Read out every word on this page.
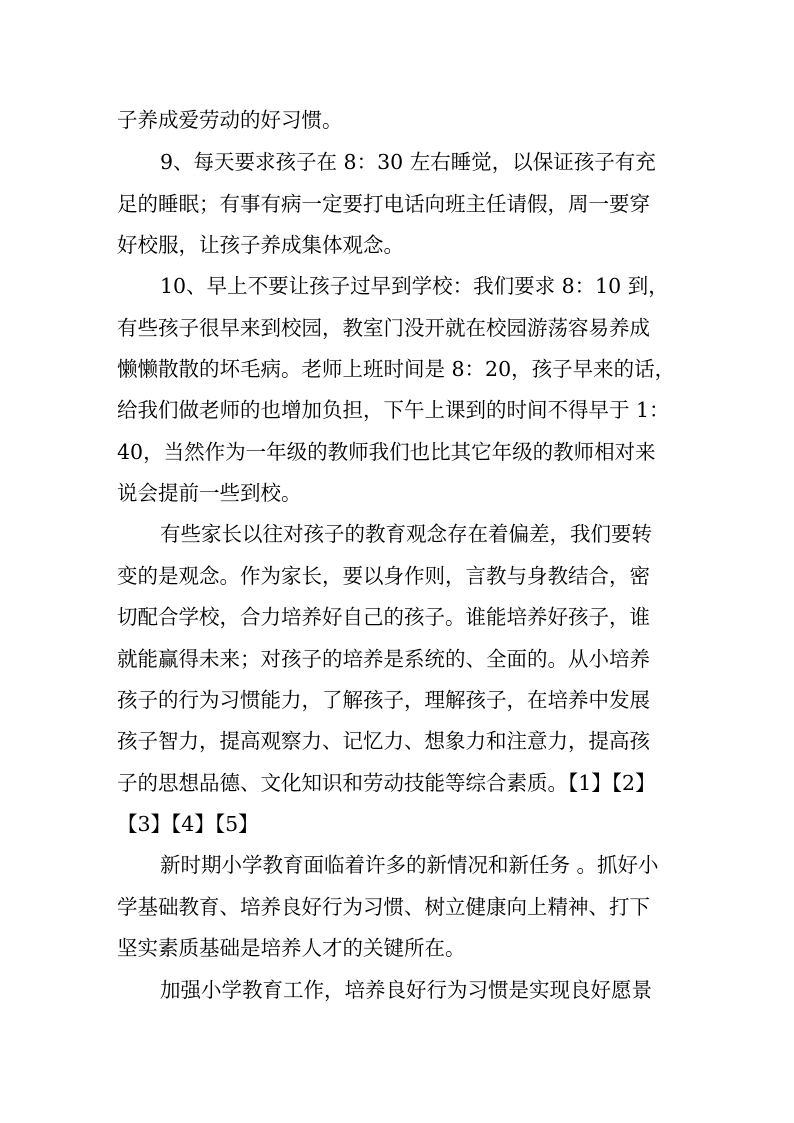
子养成爱劳动的好习惯。
9、每天要求孩子在 8：30 左右睡觉，以保证孩子有充
足的睡眠；有事有病一定要打电话向班主任请假，周一要穿
好校服，让孩子养成集体观念。
10、早上不要让孩子过早到学校：我们要求 8：10 到，
有些孩子很早来到校园，教室门没开就在校园游荡容易养成
懒懒散散的坏毛病。老师上班时间是 8：20，孩子早来的话，
给我们做老师的也增加负担，下午上课到的时间不得早于 1：
40，当然作为一年级的教师我们也比其它年级的教师相对来
说会提前一些到校。
有些家长以往对孩子的教育观念存在着偏差，我们要转
变的是观念。作为家长，要以身作则，言教与身教结合，密
切配合学校，合力培养好自己的孩子。谁能培养好孩子，谁
就能赢得未来；对孩子的培养是系统的、全面的。从小培养
孩子的行为习惯能力，了解孩子，理解孩子，在培养中发展
孩子智力，提高观察力、记忆力、想象力和注意力，提高孩
子的思想品德、文化知识和劳动技能等综合素质。【1】【2】
【3】【4】【5】
新时期小学教育面临着许多的新情况和新任务 。抓好小
学基础教育、培养良好行为习惯、树立健康向上精神、打下
坚实素质基础是培养人才的关键所在。
加强小学教育工作，培养良好行为习惯是实现良好愿景
